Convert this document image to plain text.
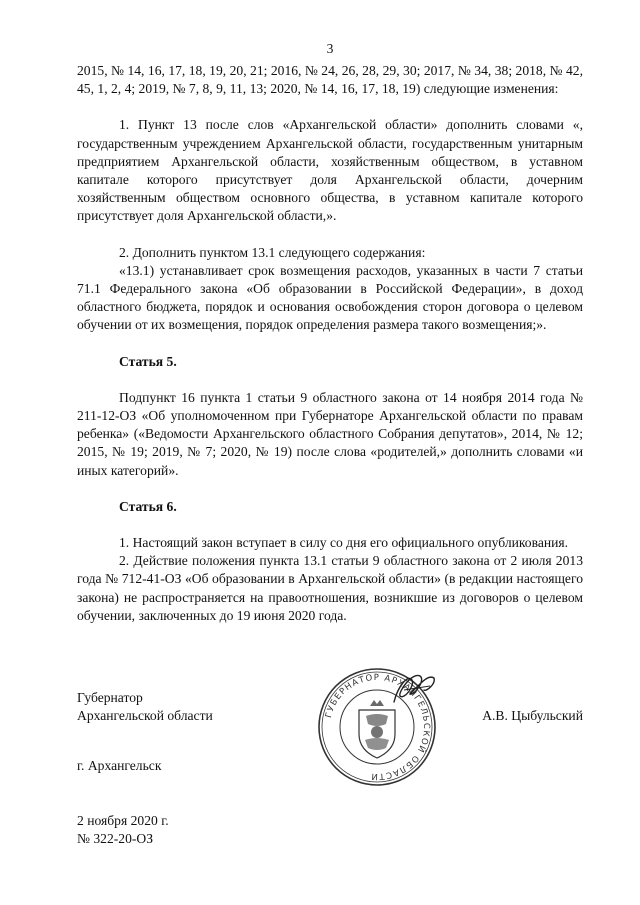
3

2015, № 14, 16, 17, 18, 19, 20, 21; 2016, № 24, 26, 28, 29, 30; 2017, № 34, 38; 2018, № 42, 45, 1, 2, 4; 2019, № 7, 8, 9, 11, 13; 2020, № 14, 16, 17, 18, 19) следующие изменения:

1. Пункт 13 после слов «Архангельской области» дополнить словами «, государственным учреждением Архангельской области, государственным унитарным предприятием Архангельской области, хозяйственным обществом, в уставном капитале которого присутствует доля Архангельской области, дочерним хозяйственным обществом основного общества, в уставном капитале которого присутствует доля Архангельской области,».

2. Дополнить пунктом 13.1 следующего содержания:

«13.1) устанавливает срок возмещения расходов, указанных в части 7 статьи 71.1 Федерального закона «Об образовании в Российской Федерации», в доход областного бюджета, порядок и основания освобождения сторон договора о целевом обучении от их возмещения, порядок определения размера такого возмещения;».

Статья 5.

Подпункт 16 пункта 1 статьи 9 областного закона от 14 ноября 2014 года № 211-12-ОЗ «Об уполномоченном при Губернаторе Архангельской области по правам ребенка» («Ведомости Архангельского областного Собрания депутатов», 2014, № 12; 2015, № 19; 2019, № 7; 2020, № 19) после слова «родителей,» дополнить словами «и иных категорий».

Статья 6.

1. Настоящий закон вступает в силу со дня его официального опубликования.

2. Действие положения пункта 13.1 статьи 9 областного закона от 2 июля 2013 года № 712-41-ОЗ «Об образовании в Архангельской области» (в редакции настоящего закона) не распространяется на правоотношения, возникшие из договоров о целевом обучении, заключенных до 19 июня 2020 года.

Губернатор
Архангельской области	А.В. Цыбульский
ГУБЕРНАТОР АРХАНГЕЛЬСКОЙ ОБЛАСТИ
г. Архангельск
2 ноября 2020 г.
№ 322-20-ОЗ
